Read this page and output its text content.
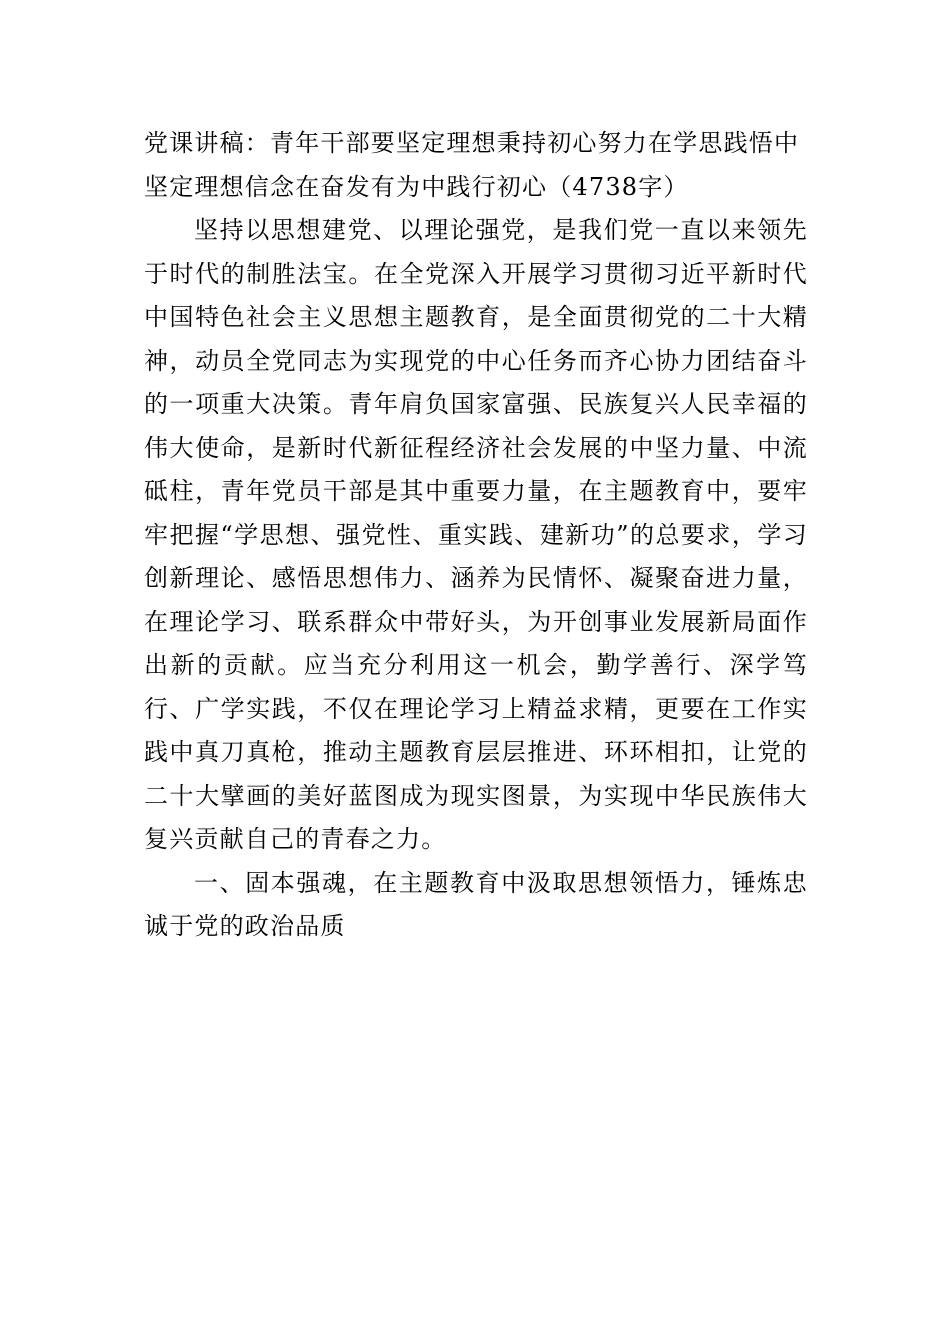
党课讲稿：青年干部要坚定理想秉持初心努力在学思践悟中坚定理想信念在奋发有为中践行初心（4738字）

坚持以思想建党、以理论强党，是我们党一直以来领先于时代的制胜法宝。在全党深入开展学习贯彻习近平新时代中国特色社会主义思想主题教育，是全面贯彻党的二十大精神，动员全党同志为实现党的中心任务而齐心协力团结奋斗的一项重大决策。青年肩负国家富强、民族复兴人民幸福的伟大使命，是新时代新征程经济社会发展的中坚力量、中流砥柱，青年党员干部是其中重要力量，在主题教育中，要牢牢把握“学思想、强党性、重实践、建新功”的总要求，学习创新理论、感悟思想伟力、涵养为民情怀、凝聚奋进力量，在理论学习、联系群众中带好头，为开创事业发展新局面作出新的贡献。应当充分利用这一机会，勤学善行、深学笃行、广学实践，不仅在理论学习上精益求精，更要在工作实践中真刀真枪，推动主题教育层层推进、环环相扣，让党的二十大擘画的美好蓝图成为现实图景，为实现中华民族伟大复兴贡献自己的青春之力。

一、固本强魂，在主题教育中汲取思想领悟力，锤炼忠诚于党的政治品质
